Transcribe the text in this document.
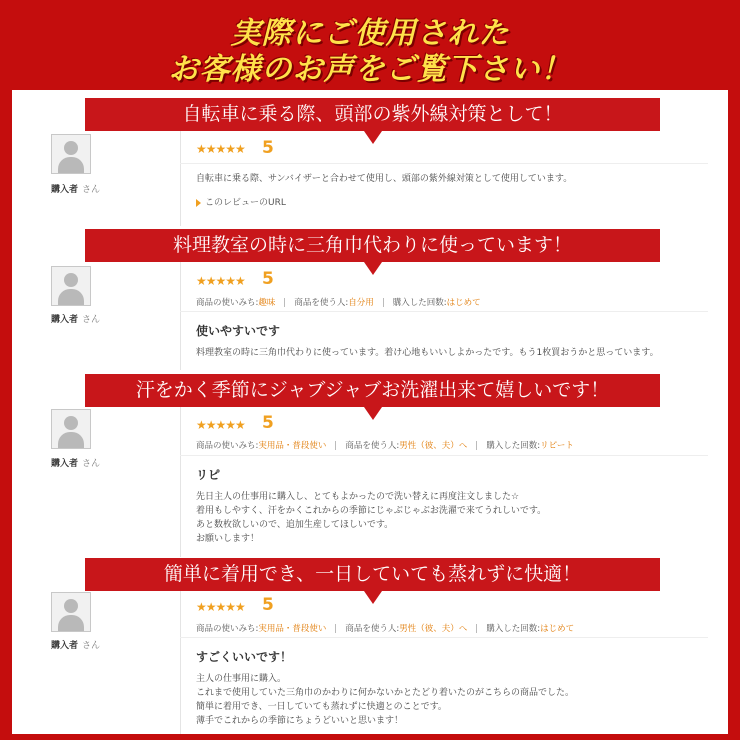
実際にご使用された
お客様のお声をご覧下さい！
自転車に乗る際、頭部の紫外線対策として！
購入者 さん
★★★★★ 5
自転車に乗る際、サンバイザーと合わせて使用し、頭部の紫外線対策として使用しています。
このレビューのURL
料理教室の時に三角巾代わりに使っています！
購入者 さん
★★★★★ 5
商品の使いみち:趣味 商品を使う人:自分用 購入した回数:はじめて
使いやすいです
料理教室の時に三角巾代わりに使っています。着け心地もいいしよかったです。もう1枚買おうかと思っています。
汗をかく季節にジャブジャブお洗濯出来て嬉しいです！
購入者 さん
★★★★★ 5
商品の使いみち:実用品・普段使い 商品を使う人:男性（彼、夫）へ 購入した回数:リピート
リピ
先日主人の仕事用に購入し、とてもよかったので洗い替えに再度注文しました☆
着用もしやすく、汗をかくこれからの季節にじゃぶじゃぶお洗濯で来てうれしいです。
あと数枚欲しいので、追加生産してほしいです。
お願いします！
簡単に着用でき、一日していても蒸れずに快適！
購入者 さん
★★★★★ 5
商品の使いみち:実用品・普段使い 商品を使う人:男性（彼、夫）へ 購入した回数:はじめて
すごくいいです！
主人の仕事用に購入。
これまで使用していた三角巾のかわりに何かないかとたどり着いたのがこちらの商品でした。
簡単に着用でき、一日していても蒸れずに快適とのことです。
薄手でこれからの季節にちょうどいいと思います！
